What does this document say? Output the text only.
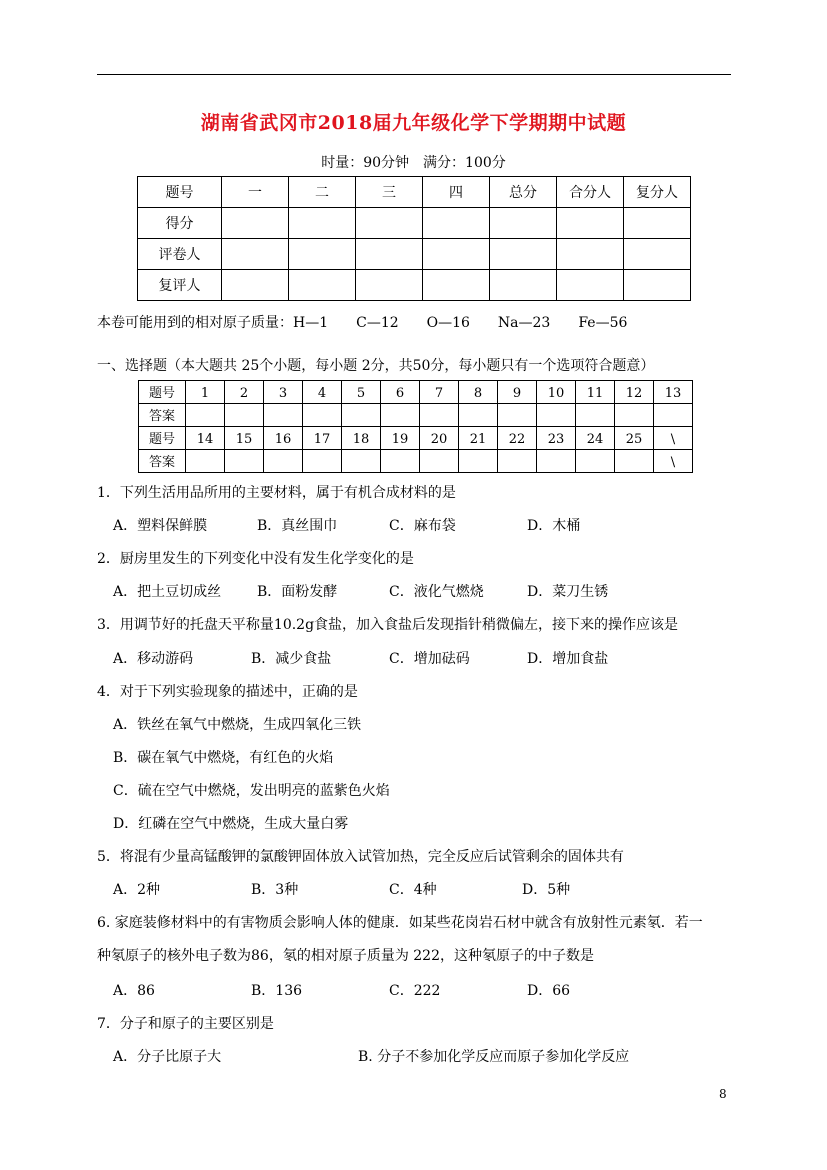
湖南省武冈市2018届九年级化学下学期期中试题
时量：90分钟　满分：100分
题号	一	二	三	四	总分	合分人	复分人
得分							
评卷人							
复评人							
本卷可能用到的相对原子质量：H—1　　C—12　　O—16　　Na—23　　Fe—56
一、选择题（本大题共 25个小题，每小题 2分，共50分，每小题只有一个选项符合题意）
题号	1	2	3	4	5	6	7	8	9	10	11	12	13
答案													
题号	14	15	16	17	18	19	20	21	22	23	24	25	\
答案													\
1．下列生活用品所用的主要材料，属于有机合成材料的是
A．塑料保鲜膜	B．真丝围巾	C．麻布袋	D．木桶
2．厨房里发生的下列变化中没有发生化学变化的是
A．把土豆切成丝	B．面粉发酵	C．液化气燃烧	D．菜刀生锈
3．用调节好的托盘天平称量10.2g食盐，加入食盐后发现指针稍微偏左，接下来的操作应该是
A．移动游码	B．减少食盐	C．增加砝码	D．增加食盐
4．对于下列实验现象的描述中，正确的是
A．铁丝在氧气中燃烧，生成四氧化三铁
B．碳在氧气中燃烧，有红色的火焰
C．硫在空气中燃烧，发出明亮的蓝紫色火焰
D．红磷在空气中燃烧，生成大量白雾
5．将混有少量高锰酸钾的氯酸钾固体放入试管加热，完全反应后试管剩余的固体共有
A．2种	B．3种	C．4种	D．5种
6. 家庭装修材料中的有害物质会影响人体的健康．如某些花岗岩石材中就含有放射性元素氡．若一
种氡原子的核外电子数为86，氡的相对原子质量为 222，这种氡原子的中子数是
A．86	B．136	C．222	D．66
7．分子和原子的主要区别是
A．分子比原子大	B. 分子不参加化学反应而原子参加化学反应
8
